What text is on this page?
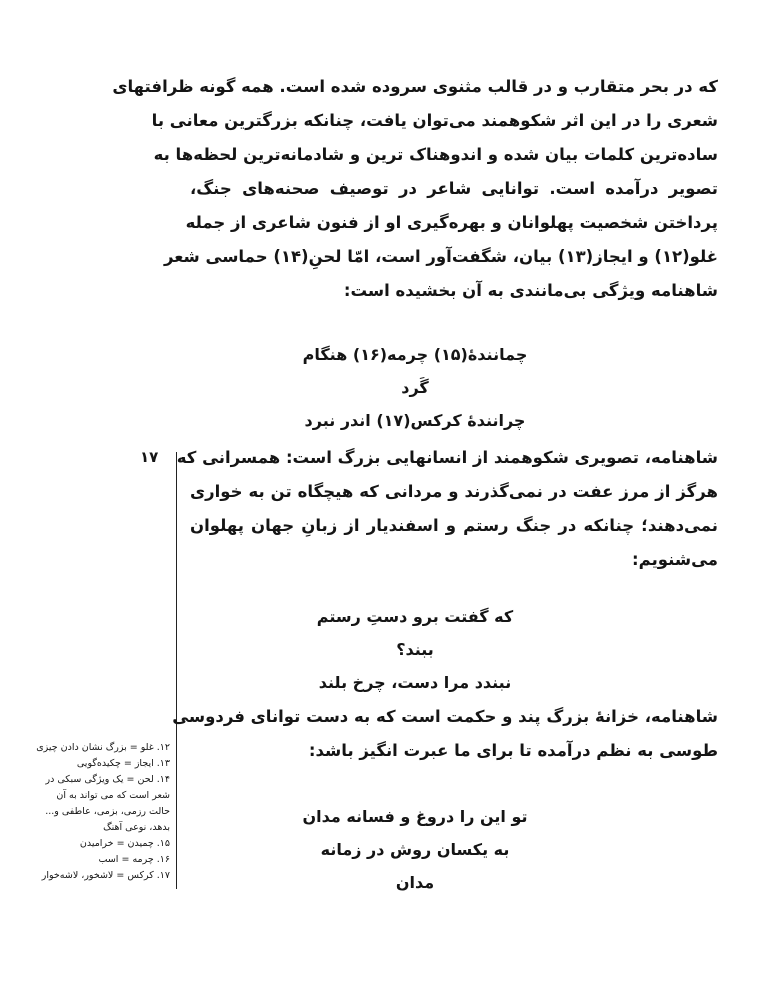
که در بحر متقارب و در قالب مثنوی سروده شده است. همه گونه ظرافتهای
شعری را در این اثر شکوهمند می‌توان یافت، چنانکه بزرگترین معانی با
ساده‌ترین کلمات بیان شده و اندوهناک ترین و شادمانه‌ترین لحظه‌ها به
تصویر درآمده است. توانایی شاعر در توصیف صحنه‌های جنگ،
پرداختن شخصیت پهلوانان و بهره‌گیری او از فنون شاعری از جمله
غلو(۱۲) و ایجاز(۱۳) بیان، شگفت‌آور است، امّا لحنِ(۱۴) حماسی شعر
شاهنامه ویژگی بی‌مانندی به آن بخشیده است:
چمانندهٔ(۱۵) چرمه(۱۶) هنگام گَرد
چرانندهٔ کرکس(۱۷) اندر نبرد
۱۷ شاهنامه، تصویری شکوهمند از انسانهایی بزرگ است: همسرانی که
هرگز از مرز عفت در نمی‌گذرند و مردانی که هیچگاه تن به خواری
نمی‌دهند؛ چنانکه در جنگ رستم و اسفندیار از زبانِ جهان پهلوان
می‌شنویم:
که گفتت برو دستِ رستم ببند؟
نبندد مرا دست، چرخ بلند
شاهنامه، خزانهٔ بزرگ پند و حکمت است که به دست توانای فردوسی
طوسی به نظم درآمده تا برای ما عبرت انگیز باشد:
تو این را دروغ و فسانه مدان
به یکسان روش در زمانه مدان
۱۲. غلو = بزرگ نشان دادن چیزی
۱۳. ایجاز = چکیده‌گویی
۱۴. لحن = یک ویژگی سبکی در
شعر است که می تواند به آن
حالت رزمی، بزمی، عاطفی و...
بدهد، نوعی آهنگ
۱۵. چمیدن = خرامیدن
۱۶. چرمه = اسب
۱۷. کرکس = لاشخور، لاشه‌خوار
